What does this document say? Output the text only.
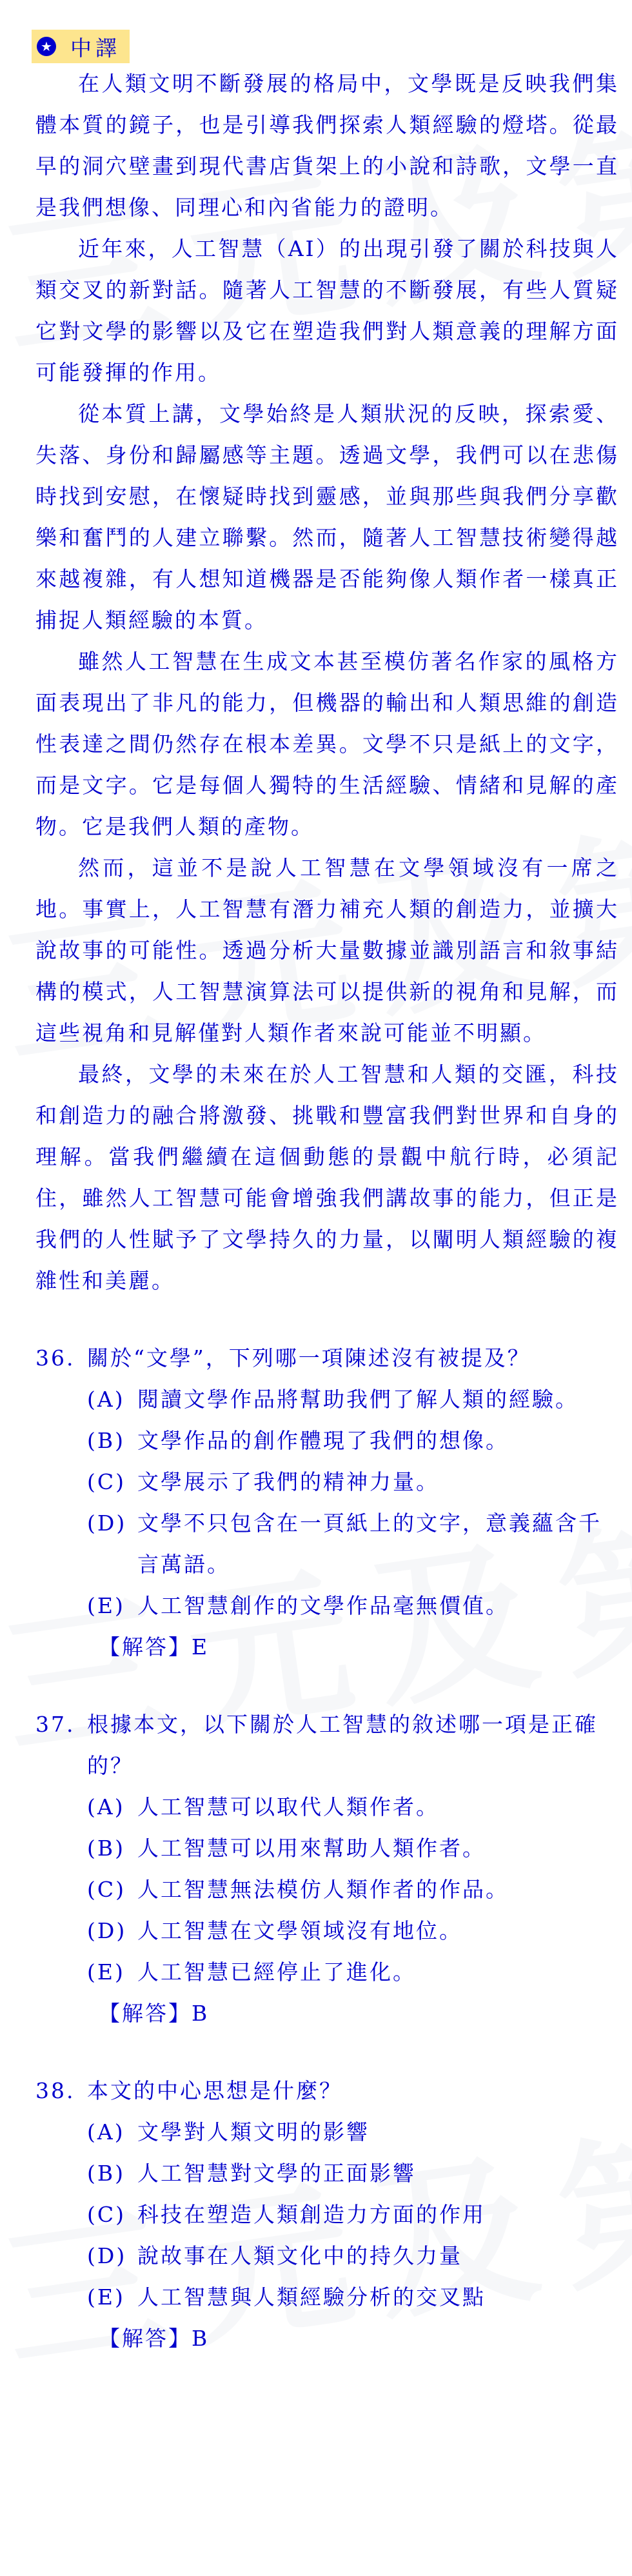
★ 中譯

在人類文明不斷發展的格局中，文學既是反映我們集體本質的鏡子，也是引導我們探索人類經驗的燈塔。從最早的洞穴壁畫到現代書店貨架上的小說和詩歌，文學一直是我們想像、同理心和內省能力的證明。

近年來，人工智慧（AI）的出現引發了關於科技與人類交叉的新對話。隨著人工智慧的不斷發展，有些人質疑它對文學的影響以及它在塑造我們對人類意義的理解方面可能發揮的作用。

從本質上講，文學始終是人類狀況的反映，探索愛、失落、身份和歸屬感等主題。透過文學，我們可以在悲傷時找到安慰，在懷疑時找到靈感，並與那些與我們分享歡樂和奮鬥的人建立聯繫。然而，隨著人工智慧技術變得越來越複雜，有人想知道機器是否能夠像人類作者一樣真正捕捉人類經驗的本質。

雖然人工智慧在生成文本甚至模仿著名作家的風格方面表現出了非凡的能力，但機器的輸出和人類思維的創造性表達之間仍然存在根本差異。文學不只是紙上的文字，而是文字。它是每個人獨特的生活經驗、情緒和見解的產物。它是我們人類的產物。

然而，這並不是說人工智慧在文學領域沒有一席之地。事實上，人工智慧有潛力補充人類的創造力，並擴大說故事的可能性。透過分析大量數據並識別語言和敘事結構的模式，人工智慧演算法可以提供新的視角和見解，而這些視角和見解僅對人類作者來說可能並不明顯。

最終，文學的未來在於人工智慧和人類的交匯，科技和創造力的融合將激發、挑戰和豐富我們對世界和自身的理解。當我們繼續在這個動態的景觀中航行時，必須記住，雖然人工智慧可能會增強我們講故事的能力，但正是我們的人性賦予了文學持久的力量，以闡明人類經驗的複雜性和美麗。

36. 關於“文學”，下列哪一項陳述沒有被提及？
(A) 閱讀文學作品將幫助我們了解人類的經驗。
(B) 文學作品的創作體現了我們的想像。
(C) 文學展示了我們的精神力量。
(D) 文學不只包含在一頁紙上的文字，意義蘊含千言萬語。
(E) 人工智慧創作的文學作品毫無價值。
【解答】E
37. 根據本文，以下關於人工智慧的敘述哪一項是正確的？
(A) 人工智慧可以取代人類作者。
(B) 人工智慧可以用來幫助人類作者。
(C) 人工智慧無法模仿人類作者的作品。
(D) 人工智慧在文學領域沒有地位。
(E) 人工智慧已經停止了進化。
【解答】B
38. 本文的中心思想是什麼？
(A) 文學對人類文明的影響
(B) 人工智慧對文學的正面影響
(C) 科技在塑造人類創造力方面的作用
(D) 說故事在人類文化中的持久力量
(E) 人工智慧與人類經驗分析的交叉點
【解答】B
